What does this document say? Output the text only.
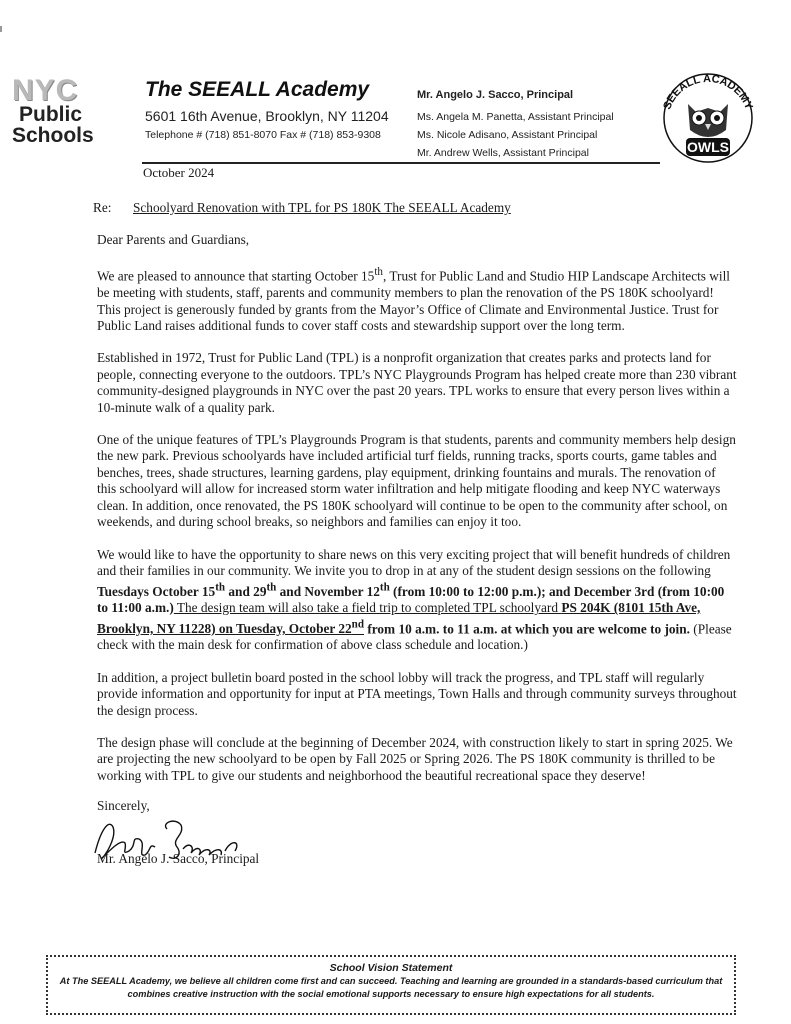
NYC
Public
Schools
The SEEALL Academy
5601 16th Avenue, Brooklyn, NY 11204
Telephone # (718) 851-8070 Fax # (718) 853-9308
Mr. Angelo J. Sacco, Principal
Ms. Angela M. Panetta, Assistant Principal
Ms. Nicole Adisano, Assistant Principal
Mr. Andrew Wells, Assistant Principal
SEEALL ACADEMY
OWLS
October 2024
Re: Schoolyard Renovation with TPL for PS 180K The SEEALL Academy

Dear Parents and Guardians,

We are pleased to announce that starting October 15th, Trust for Public Land and Studio HIP Landscape Architects will be meeting with students, staff, parents and community members to plan the renovation of the PS 180K schoolyard! This project is generously funded by grants from the Mayor’s Office of Climate and Environmental Justice. Trust for Public Land raises additional funds to cover staff costs and stewardship support over the long term.

Established in 1972, Trust for Public Land (TPL) is a nonprofit organization that creates parks and protects land for people, connecting everyone to the outdoors. TPL’s NYC Playgrounds Program has helped create more than 230 vibrant community-designed playgrounds in NYC over the past 20 years. TPL works to ensure that every person lives within a 10-minute walk of a quality park.

One of the unique features of TPL’s Playgrounds Program is that students, parents and community members help design the new park. Previous schoolyards have included artificial turf fields, running tracks, sports courts, game tables and benches, trees, shade structures, learning gardens, play equipment, drinking fountains and murals. The renovation of this schoolyard will allow for increased storm water infiltration and help mitigate flooding and keep NYC waterways clean. In addition, once renovated, the PS 180K schoolyard will continue to be open to the community after school, on weekends, and during school breaks, so neighbors and families can enjoy it too.

We would like to have the opportunity to share news on this very exciting project that will benefit hundreds of children and their families in our community. We invite you to drop in at any of the student design sessions on the following Tuesdays October 15th and 29th and November 12th (from 10:00 to 12:00 p.m.); and December 3rd (from 10:00 to 11:00 a.m.) The design team will also take a field trip to completed TPL schoolyard PS 204K (8101 15th Ave, Brooklyn, NY 11228) on Tuesday, October 22nd from 10 a.m. to 11 a.m. at which you are welcome to join. (Please check with the main desk for confirmation of above class schedule and location.)

In addition, a project bulletin board posted in the school lobby will track the progress, and TPL staff will regularly provide information and opportunity for input at PTA meetings, Town Halls and through community surveys throughout the design process.

The design phase will conclude at the beginning of December 2024, with construction likely to start in spring 2025. We are projecting the new schoolyard to be open by Fall 2025 or Spring 2026. The PS 180K community is thrilled to be working with TPL to give our students and neighborhood the beautiful recreational space they deserve!

Sincerely,
Mr. Angelo J. Sacco, Principal
School Vision Statement
At The SEEALL Academy, we believe all children come first and can succeed. Teaching and learning are grounded in a standards-based curriculum that combines creative instruction with the social emotional supports necessary to ensure high expectations for all students.
